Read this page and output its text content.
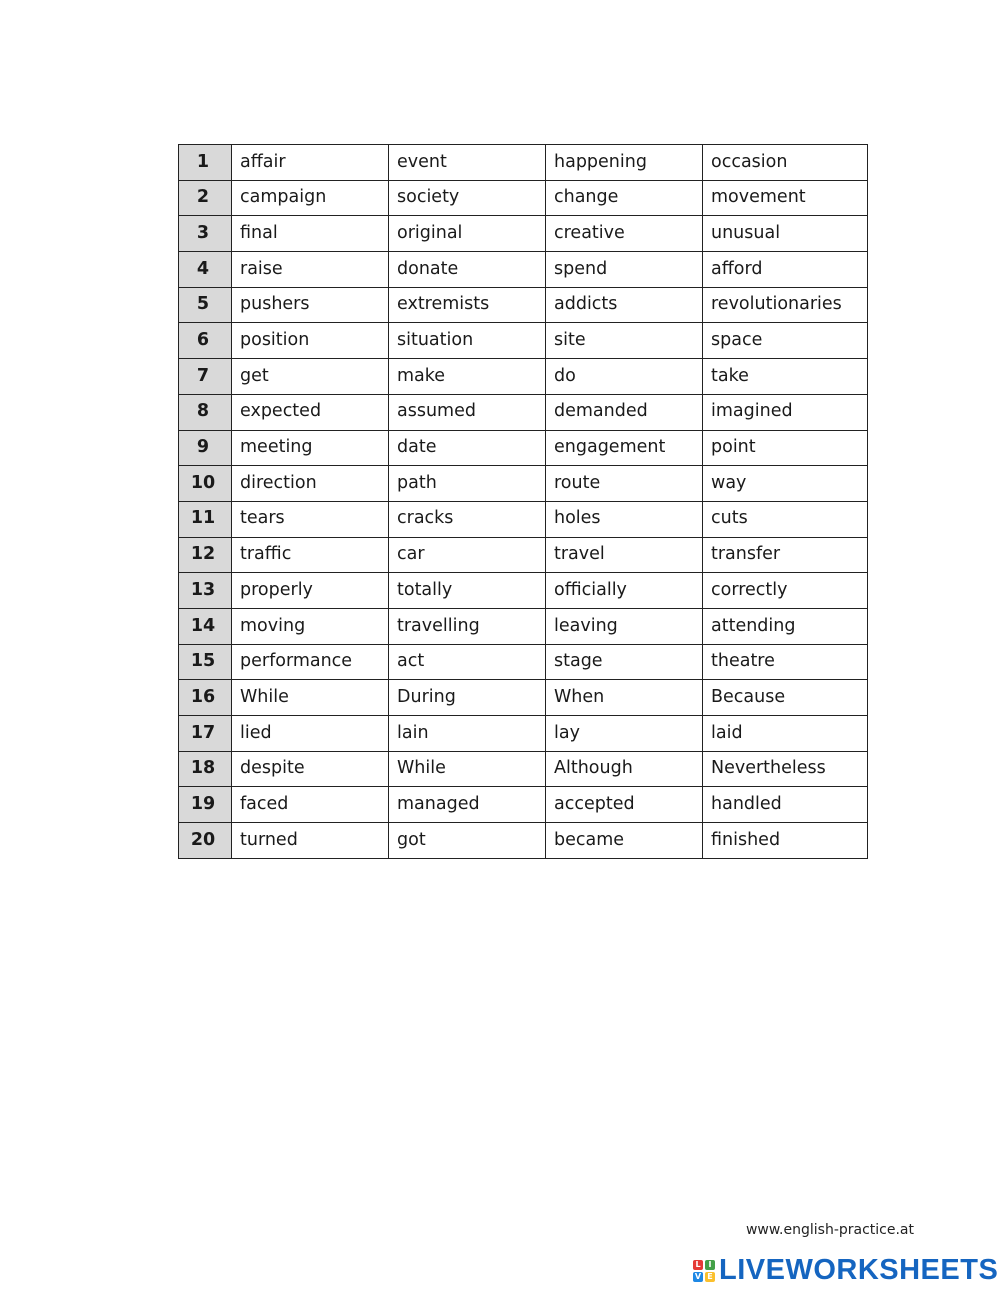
1	affair	event	happening	occasion
2	campaign	society	change	movement
3	final	original	creative	unusual
4	raise	donate	spend	afford
5	pushers	extremists	addicts	revolutionaries
6	position	situation	site	space
7	get	make	do	take
8	expected	assumed	demanded	imagined
9	meeting	date	engagement	point
10	direction	path	route	way
11	tears	cracks	holes	cuts
12	traffic	car	travel	transfer
13	properly	totally	officially	correctly
14	moving	travelling	leaving	attending
15	performance	act	stage	theatre
16	While	During	When	Because
17	lied	lain	lay	laid
18	despite	While	Although	Nevertheless
19	faced	managed	accepted	handled
20	turned	got	became	finished
www.english-practice.at
L I
V E LIVEWORKSHEETS
